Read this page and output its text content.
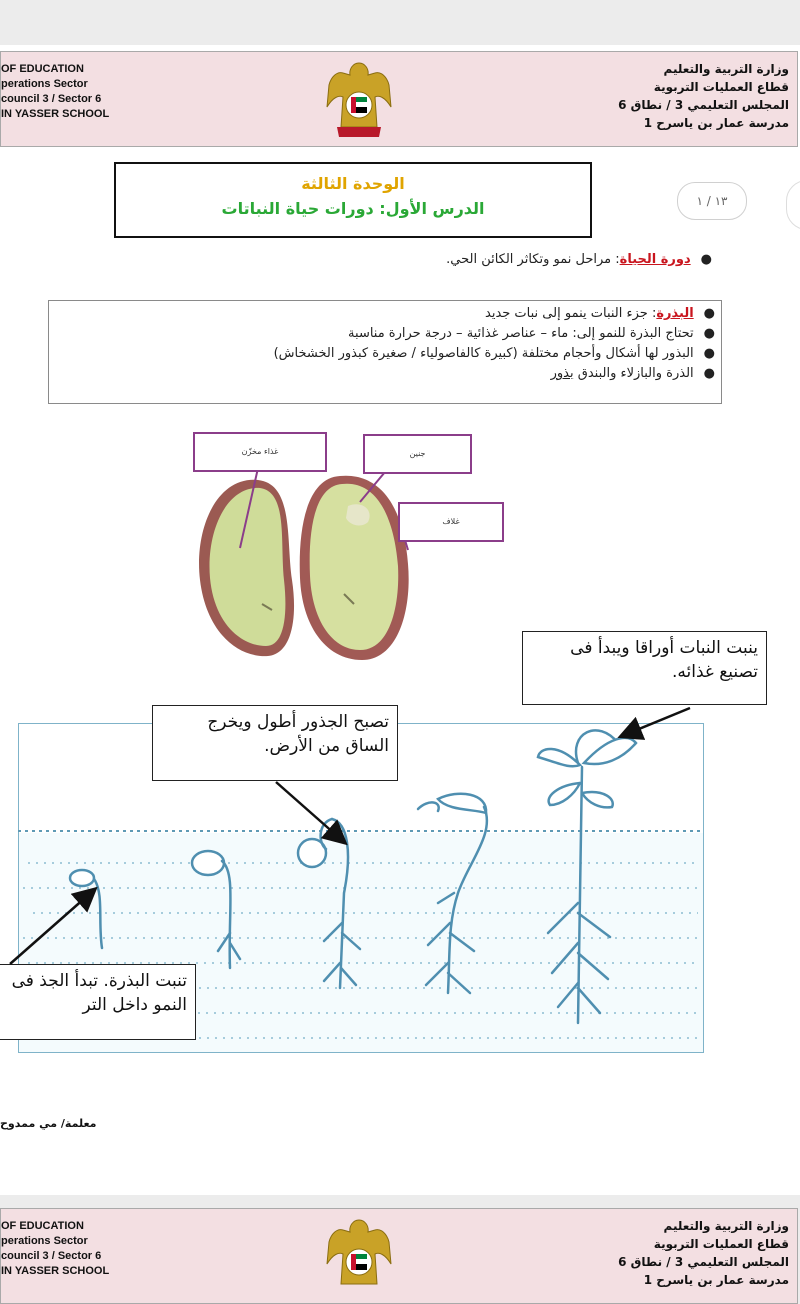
OF EDUCATION
perations Sector
council 3 / Sector 6
IN YASSER SCHOOL
وزارة التربية والتعليم
قطاع العمليات التربوية
المجلس التعليمي 3 / نطاق 6
مدرسة عمار بن ياسرح 1
الوحدة الثالثة
الدرس الأول: دورات حياة النباتات	١٣ / ١
●دورة الحياة: مراحل نمو وتكاثر الكائن الحي.
●البذرة: جزء النبات ينمو إلى نبات جديد
●تحتاج البذرة للنمو إلى: ماء – عناصر غذائية – درجة حرارة مناسبة
●البذور لها أشكال وأحجام مختلفة (كبيرة كالفاصولياء / صغيرة كبذور الخشخاش)
●الذرة والبازلاء والبندق بذور
غذاء مخزّن	جنين
غلاف
ينبت النبات أوراقا ويبدأ فى تصنيع غذائه.
تصبح الجذور أطول ويخرج الساق من الأرض.
تنبت البذرة. تبدأ الجذ فى النمو داخل التر
معلمة/ مي ممدوح
OF EDUCATION
perations Sector
council 3 / Sector 6
IN YASSER SCHOOL
وزارة التربية والتعليم
قطاع العمليات التربوية
المجلس التعليمي 3 / نطاق 6
مدرسة عمار بن ياسرح 1
